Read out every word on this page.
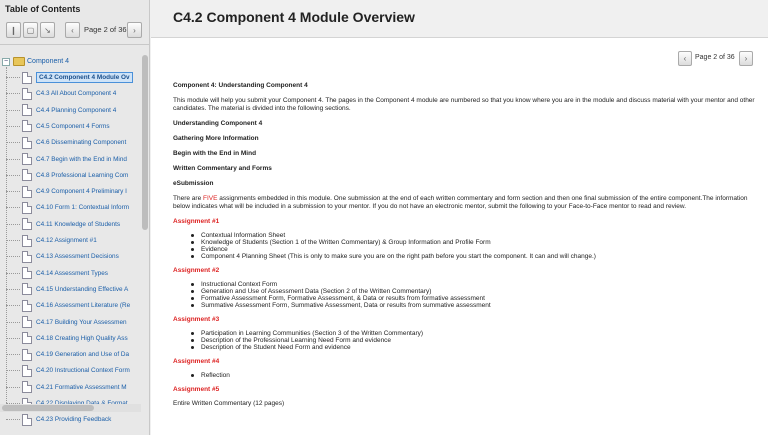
Table of Contents
❙	▢	↘	‹	Page 2 of 36 ›
−	Component 4
C4.2 Component 4 Module Ov
C4.3 All About Component 4
C4.4 Planning Component 4
C4.5 Component 4 Forms
C4.6 Disseminating Component
C4.7 Begin with the End in Mind
C4.8 Professional Learning Com
C4.9 Component 4 Preliminary I
C4.10 Form 1: Contextual Inform
C4.11 Knowledge of Students
C4.12 Assignment #1
C4.13 Assessment Decisions
C4.14 Assessment Types
C4.15 Understanding Effective A
C4.16 Assessment Literature (Re
C4.17 Building Your Assessmen
C4.18 Creating High Quality Ass
C4.19 Generation and Use of Da
C4.20 Instructional Context Form
C4.21 Formative Assessment M
C4.23 Providing Feedback
C4.2 Component 4 Module Overview
‹	Page 2 of 36	›
Component 4: Understanding Component 4
This module will help you submit your Component 4. The pages in the Component 4 module are numbered so that you know where you are in the module and discuss material with your mentor and other candidates. The material is divided into the following sections.
Understanding Component 4
Gathering More Information
Begin with the End in Mind
Written Commentary and Forms
eSubmission
There are FIVE assignments embedded in this module. One submission at the end of each written commentary and form section and then one final submission of the entire component.The information below indicates what will be included in a submission to your mentor. If you do not have an electronic mentor, submit the following to your Face-to-Face mentor to read and review.
Assignment #1
Contextual Information Sheet
Knowledge of Students (Section 1 of the Written Commentary) & Group Information and Profile Form
Evidence
Component 4 Planning Sheet (This is only to make sure you are on the right path before you start the component. It can and will change.)
Assignment #2
Instructional Context Form
Generation and Use of Assessment Data (Section 2 of the Written Commentary)
Formative Assessment Form, Formative Assessment, & Data or results from formative assessment
Summative Assessment Form, Summative Assessment, Data or results from summative assessment
Assignment #3
Participation in Learning Communities (Section 3 of the Written Commentary)
Description of the Professional Learning Need Form and evidence
Description of the Student Need Form and evidence
Assignment #4
Reflection
Assignment #5
Entire Written Commentary (12 pages)
